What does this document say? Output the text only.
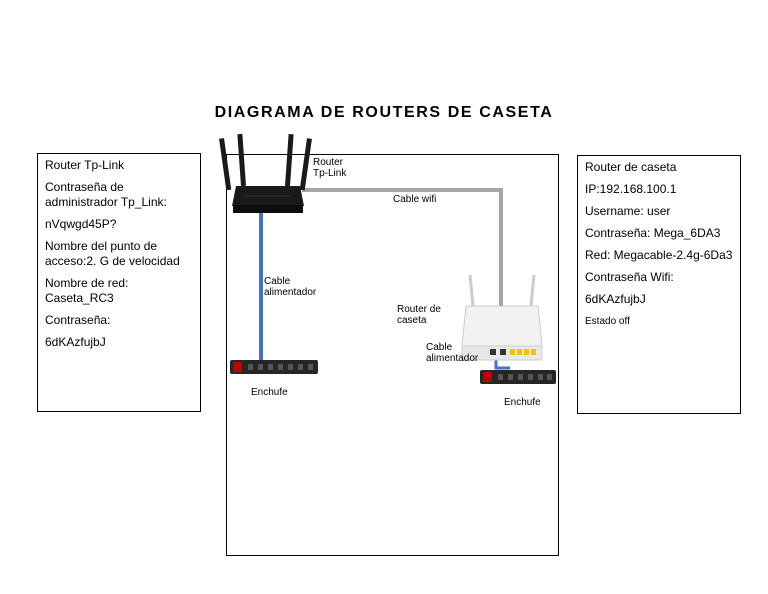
DIAGRAMA DE ROUTERS DE CASETA
Router Tp-Link
Contraseña de administrador Tp_Link:
nVqwgd45P?
Nombre del punto de acceso:2. G de velocidad
Nombre de red: Caseta_RC3
Contraseña:
6dKAzfujbJ
Router de caseta
IP:192.168.100.1
Username: user
Contraseña: Mega_6DA3
Red: Megacable-2.4g-6Da3
Contraseña Wifi:
6dKAzfujbJ
Estado off
Router Tp-Link
Cable wifi
Cable alimentador
Enchufe
Router de caseta
Cable alimentador
Enchufe
